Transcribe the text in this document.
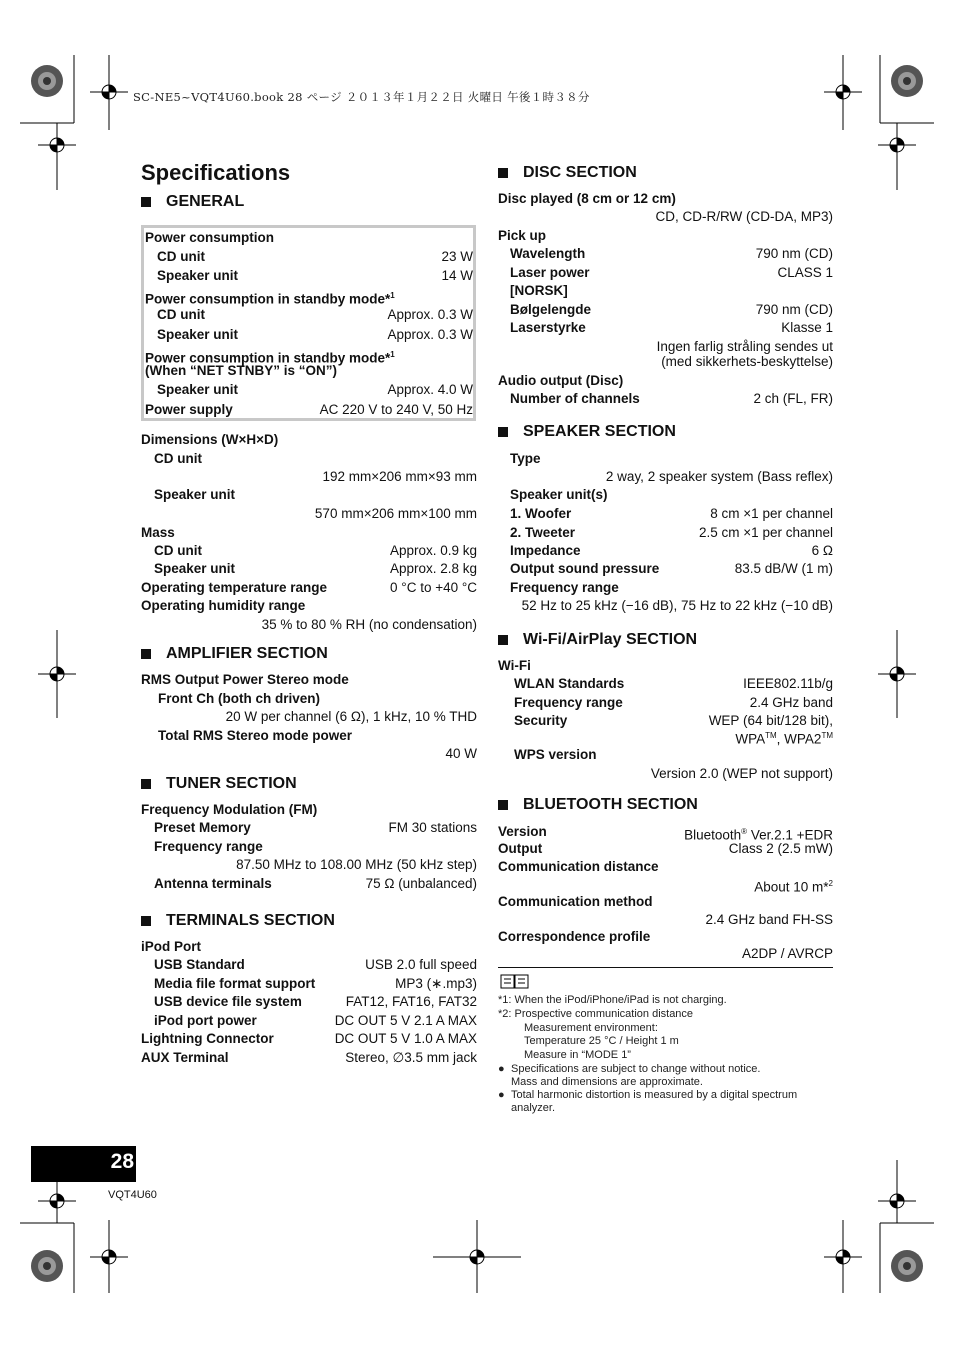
SC-NE5~VQT4U60.book 28 ページ ２０１３年１月２２日 火曜日 午後１時３８分
Specifications
GENERAL
Power consumption
CD unit	23 W
Speaker unit	14 W
Power consumption in standby mode*$^1$
CD unit	Approx. 0.3 W
Speaker unit	Approx. 0.3 W
Power consumption in standby mode*$^1$
(When “NET STNBY” is “ON”)
Speaker unit	Approx. 4.0 W
Power supply	AC 220 V to 240 V, 50 Hz
Dimensions (W×H×D)
CD unit
192 mm×206 mm×93 mm
Speaker unit
570 mm×206 mm×100 mm
Mass
CD unit	Approx. 0.9 kg
Speaker unit	Approx. 2.8 kg
Operating temperature range	0 °C to +40 °C
Operating humidity range
35 % to 80 % RH (no condensation)
AMPLIFIER SECTION
RMS Output Power Stereo mode
Front Ch (both ch driven)
20 W per channel (6 Ω), 1 kHz, 10 % THD
Total RMS Stereo mode power
40 W
TUNER SECTION
Frequency Modulation (FM)
Preset Memory	FM 30 stations
Frequency range
87.50 MHz to 108.00 MHz (50 kHz step)
Antenna terminals	75 Ω (unbalanced)
TERMINALS SECTION
iPod Port
USB Standard	USB 2.0 full speed
Media file format support	MP3 (∗.mp3)
USB device file system	FAT12, FAT16, FAT32
iPod port power	DC OUT 5 V 2.1 A MAX
Lightning Connector	DC OUT 5 V 1.0 A MAX
AUX Terminal	Stereo, ∅3.5 mm jack
DISC SECTION
Disc played (8 cm or 12 cm)
CD, CD-R/RW (CD-DA, MP3)
Pick up
Wavelength	790 nm (CD)
Laser power	CLASS 1
[NORSK]
Bølgelengde	790 nm (CD)
Laserstyrke	Klasse 1
Ingen farlig stråling sendes ut
(med sikkerhets-beskyttelse)
Audio output (Disc)
Number of channels	2 ch (FL, FR)
SPEAKER SECTION
Type
2 way, 2 speaker system (Bass reflex)
Speaker unit(s)
1. Woofer	8 cm ×1 per channel
2. Tweeter	2.5 cm ×1 per channel
Impedance	6 Ω
Output sound pressure	83.5 dB/W (1 m)
Frequency range
52 Hz to 25 kHz (−16 dB), 75 Hz to 22 kHz (−10 dB)
Wi-Fi/AirPlay SECTION
Wi-Fi
WLAN Standards	IEEE802.11b/g
Frequency range	2.4 GHz band
Security	WEP (64 bit/128 bit),
WPA™, WPA2™
WPS version
Version 2.0 (WEP not support)
BLUETOOTH SECTION
Version	Bluetooth® Ver.2.1 +EDR
Output	Class 2 (2.5 mW)
Communication distance
About 10 m*$^2$
Communication method
2.4 GHz band FH-SS
Correspondence profile
A2DP / AVRCP
*1: When the iPod/iPhone/iPad is not charging.
*2: Prospective communication distance
Measurement environment:
Temperature 25 °C / Height 1 m
Measure in “MODE 1”
● Specifications are subject to change without notice.
Mass and dimensions are approximate.
● Total harmonic distortion is measured by a digital spectrum
analyzer.
28
VQT4U60
